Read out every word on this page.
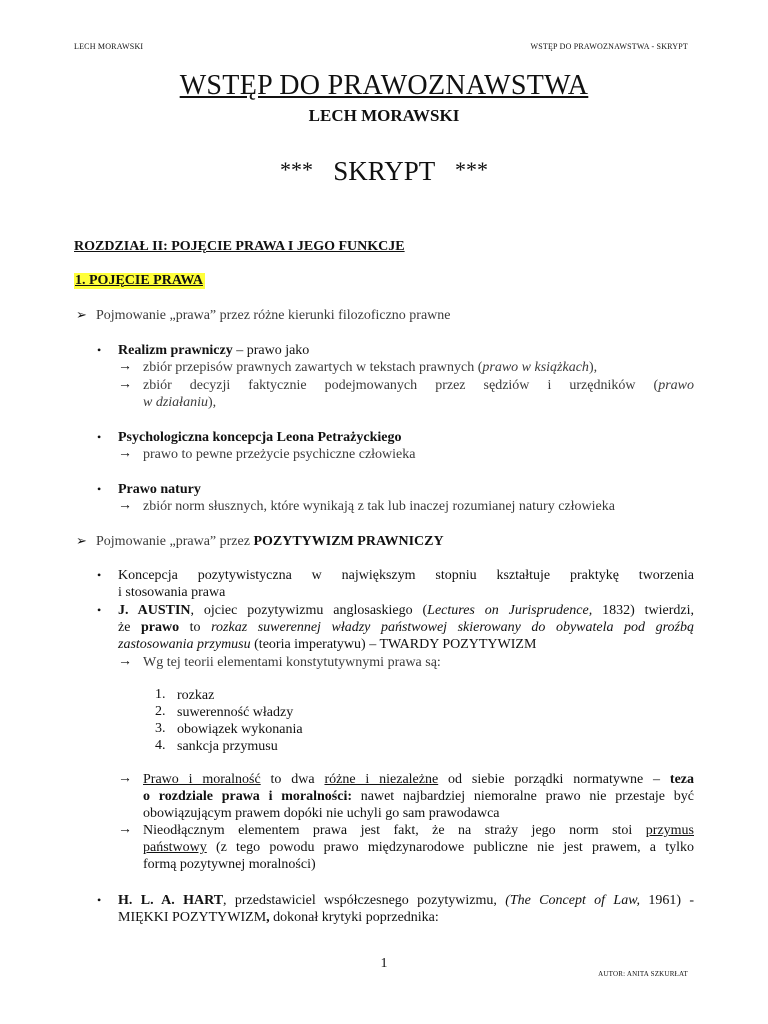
LECH MORAWSKI	WSTĘP DO PRAWOZNAWSTWA - SKRYPT
WSTĘP DO PRAWOZNAWSTWA
LECH MORAWSKI
*** SKRYPT ***
ROZDZIAŁ II: POJĘCIE PRAWA I JEGO FUNKCJE
1. POJĘCIE PRAWA
➢ Pojmowanie „prawa” przez różne kierunki filozoficzno prawne
• Realizm prawniczy – prawo jako
→ zbiór przepisów prawnych zawartych w tekstach prawnych (prawo w książkach),
→ zbiór decyzji faktycznie podejmowanych przez sędziów i urzędników (prawo
w działaniu),
• Psychologiczna koncepcja Leona Petrażyckiego
→ prawo to pewne przeżycie psychiczne człowieka
• Prawo natury
→ zbiór norm słusznych, które wynikają z tak lub inaczej rozumianej natury człowieka
➢ Pojmowanie „prawa” przez POZYTYWIZM PRAWNICZY
• Koncepcja pozytywistyczna w największym stopniu kształtuje praktykę tworzenia
i stosowania prawa
• J. AUSTIN, ojciec pozytywizmu anglosaskiego (Lectures on Jurisprudence, 1832) twierdzi,
że prawo to rozkaz suwerennej władzy państwowej skierowany do obywatela pod groźbą
zastosowania przymusu (teoria imperatywu) – TWARDY POZYTYWIZM
→ Wg tej teorii elementami konstytutywnymi prawa są:
1. rozkaz
2. suwerenność władzy
3. obowiązek wykonania
4. sankcja przymusu
→ Prawo i moralność to dwa różne i niezależne od siebie porządki normatywne – teza
o rozdziale prawa i moralności: nawet najbardziej niemoralne prawo nie przestaje być
obowiązującym prawem dopóki nie uchyli go sam prawodawca
→ Nieodłącznym elementem prawa jest fakt, że na straży jego norm stoi przymus
państwowy (z tego powodu prawo międzynarodowe publiczne nie jest prawem, a tylko
formą pozytywnej moralności)
• H. L. A. HART, przedstawiciel współczesnego pozytywizmu, (The Concept of Law, 1961) -
MIĘKKI POZYTYWIZM, dokonał krytyki poprzednika:
1
AUTOR: ANITA SZKURŁAT
